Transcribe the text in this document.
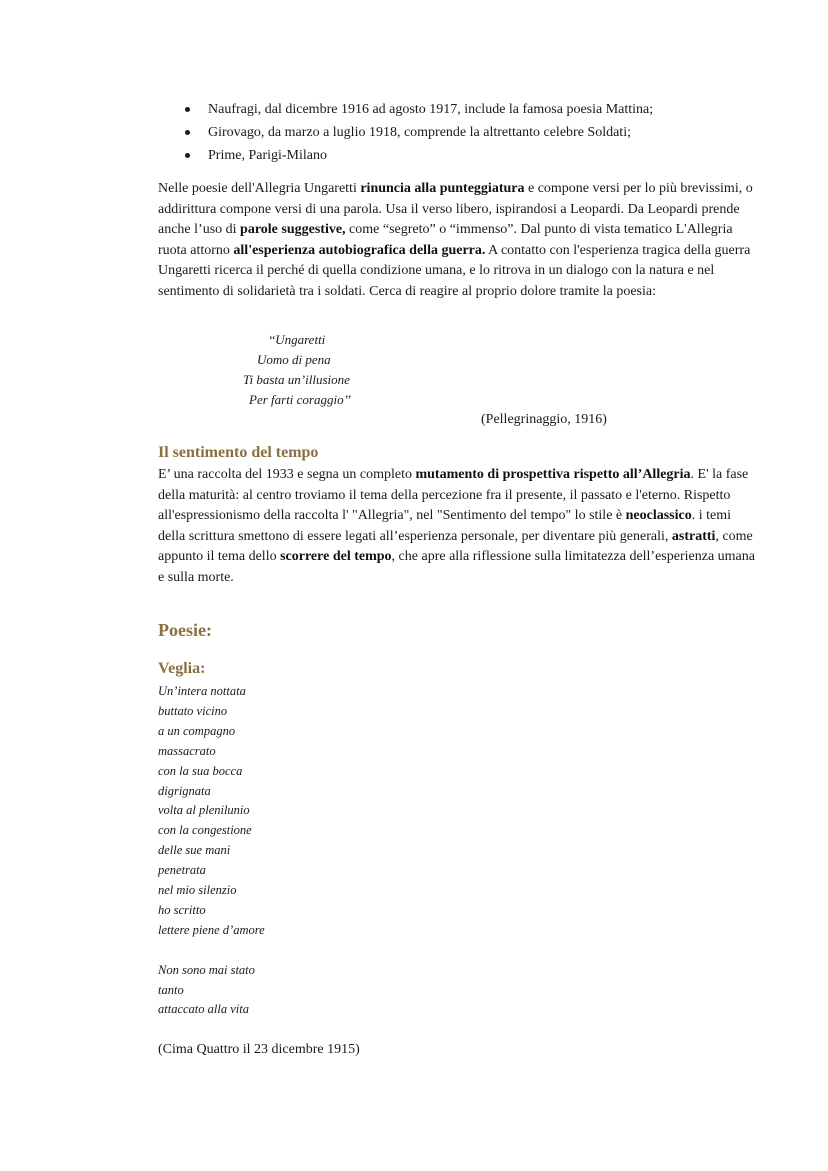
Naufragi, dal dicembre 1916 ad agosto 1917, include la famosa poesia Mattina;
Girovago, da marzo a luglio 1918, comprende la altrettanto celebre Soldati;
Prime, Parigi-Milano

Nelle poesie dell'Allegria Ungaretti rinuncia alla punteggiatura e compone versi per lo più brevissimi, o addirittura compone versi di una parola. Usa il verso libero, ispirandosi a Leopardi. Da Leopardi prende anche l’uso di parole suggestive, come “segreto” o “immenso”. Dal punto di vista tematico L'Allegria ruota attorno all'esperienza autobiografica della guerra. A contatto con l'esperienza tragica della guerra Ungaretti ricerca il perché di quella condizione umana, e lo ritrova in un dialogo con la natura e nel sentimento di solidarietà tra i soldati. Cerca di reagire al proprio dolore tramite la poesia:

‘‘Ungaretti
Uomo di pena
Ti basta un’illusione
Per farti coraggio’’
(Pellegrinaggio, 1916)
Il sentimento del tempo

E’ una raccolta del 1933 e segna un completo mutamento di prospettiva rispetto all’Allegria. E' la fase della maturità: al centro troviamo il tema della percezione fra il presente, il passato e l'eterno. Rispetto all'espressionismo della raccolta l' "Allegria", nel "Sentimento del tempo" lo stile è neoclassico. i temi della scrittura smettono di essere legati all’esperienza personale, per diventare più generali, astratti, come appunto il tema dello scorrere del tempo, che apre alla riflessione sulla limitatezza dell’esperienza umana e sulla morte.

Poesie:
Veglia:
Un’intera nottata
buttato vicino
a un compagno
massacrato
con la sua bocca
digrignata
volta al plenilunio
con la congestione
delle sue mani
penetrata
nel mio silenzio
ho scritto
lettere piene d’amore
Non sono mai stato
tanto
attaccato alla vita
(Cima Quattro il 23 dicembre 1915)
